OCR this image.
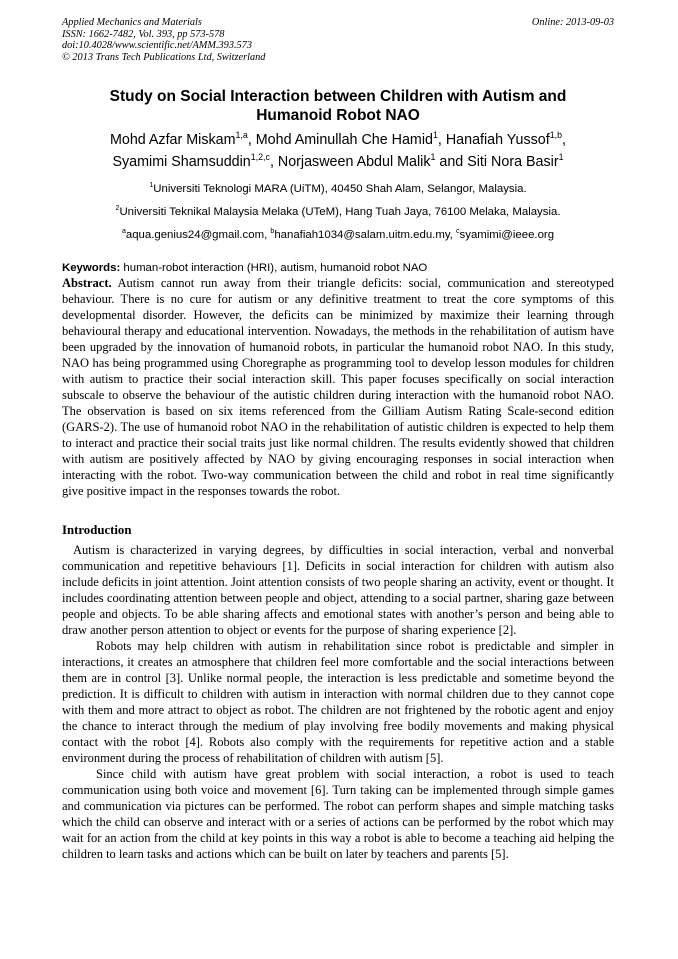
Applied Mechanics and Materials
ISSN: 1662-7482, Vol. 393, pp 573-578
doi:10.4028/www.scientific.net/AMM.393.573
© 2013 Trans Tech Publications Ltd, Switzerland
Online: 2013-09-03
Study on Social Interaction between Children with Autism and
Humanoid Robot NAO
Mohd Azfar Miskam$^{1,a}$, Mohd Aminullah Che Hamid$^1$, Hanafiah Yussof$^{1,b}$,
Syamimi Shamsuddin$^{1,2,c}$, Norjasween Abdul Malik$^1$ and Siti Nora Basir$^1$
$^1$Universiti Teknologi MARA (UiTM), 40450 Shah Alam, Selangor, Malaysia.
$^2$Universiti Teknikal Malaysia Melaka (UTeM), Hang Tuah Jaya, 76100 Melaka, Malaysia.
$^a$aqua.genius24@gmail.com, $^b$hanafiah1034@salam.uitm.edu.my, $^c$syamimi@ieee.org
Keywords: human-robot interaction (HRI), autism, humanoid robot NAO

Abstract. Autism cannot run away from their triangle deficits: social, communication and stereotyped behaviour. There is no cure for autism or any definitive treatment to treat the core symptoms of this developmental disorder. However, the deficits can be minimized by maximize their learning through behavioural therapy and educational intervention. Nowadays, the methods in the rehabilitation of autism have been upgraded by the innovation of humanoid robots, in particular the humanoid robot NAO. In this study, NAO has being programmed using Choregraphe as programming tool to develop lesson modules for children with autism to practice their social interaction skill. This paper focuses specifically on social interaction subscale to observe the behaviour of the autistic children during interaction with the humanoid robot NAO. The observation is based on six items referenced from the Gilliam Autism Rating Scale-second edition (GARS-2). The use of humanoid robot NAO in the rehabilitation of autistic children is expected to help them to interact and practice their social traits just like normal children. The results evidently showed that children with autism are positively affected by NAO by giving encouraging responses in social interaction when interacting with the robot. Two-way communication between the child and robot in real time significantly give positive impact in the responses towards the robot.

Introduction

Autism is characterized in varying degrees, by difficulties in social interaction, verbal and nonverbal communication and repetitive behaviours [1]. Deficits in social interaction for children with autism also include deficits in joint attention. Joint attention consists of two people sharing an activity, event or thought. It includes coordinating attention between people and object, attending to a social partner, sharing gaze between people and objects. To be able sharing affects and emotional states with another’s person and being able to draw another person attention to object or events for the purpose of sharing experience [2].

Robots may help children with autism in rehabilitation since robot is predictable and simpler in interactions, it creates an atmosphere that children feel more comfortable and the social interactions between them are in control [3]. Unlike normal people, the interaction is less predictable and sometime beyond the prediction. It is difficult to children with autism in interaction with normal children due to they cannot cope with them and more attract to object as robot. The children are not frightened by the robotic agent and enjoy the chance to interact through the medium of play involving free bodily movements and making physical contact with the robot [4]. Robots also comply with the requirements for repetitive action and a stable environment during the process of rehabilitation of children with autism [5].

Since child with autism have great problem with social interaction, a robot is used to teach communication using both voice and movement [6]. Turn taking can be implemented through simple games and communication via pictures can be performed. The robot can perform shapes and simple matching tasks which the child can observe and interact with or a series of actions can be performed by the robot which may wait for an action from the child at key points in this way a robot is able to become a teaching aid helping the children to learn tasks and actions which can be built on later by teachers and parents [5].
